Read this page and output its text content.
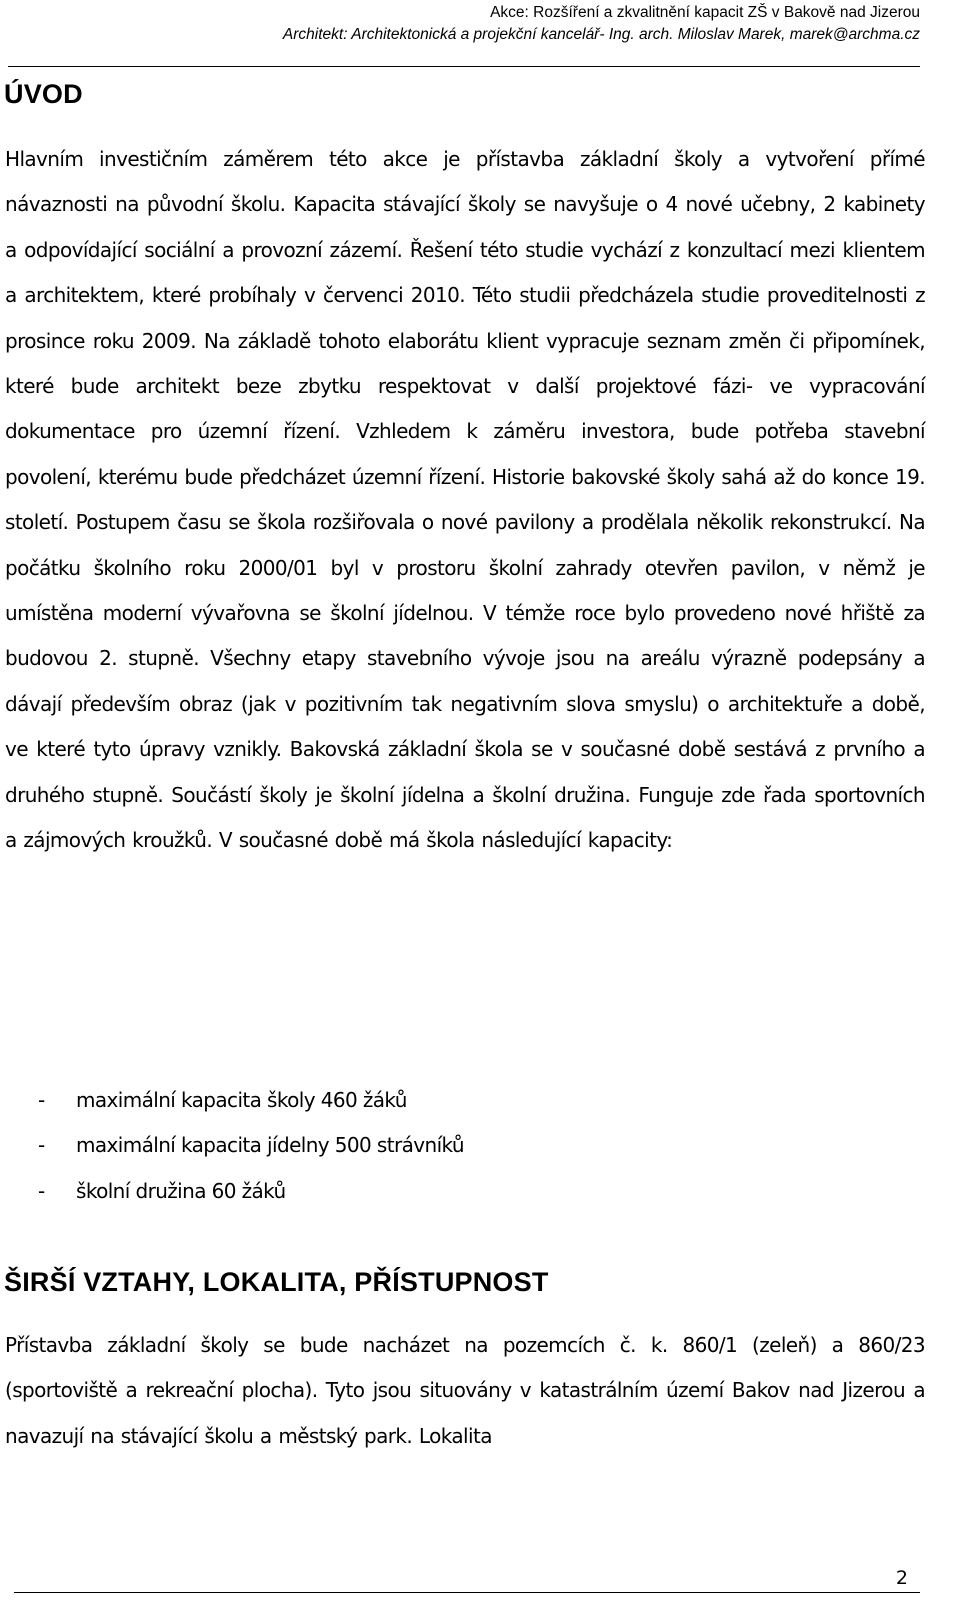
Akce: Rozšíření a zkvalitnění kapacit ZŠ v Bakově nad Jizerou
Architekt: Architektonická a projekční kancelář- Ing. arch. Miloslav Marek, marek@archma.cz
ÚVOD
Hlavním investičním záměrem této akce je přístavba základní školy a vytvoření přímé návaznosti na původní školu. Kapacita stávající školy se navyšuje o 4 nové učebny, 2 kabinety a odpovídající sociální a provozní zázemí. Řešení této studie vychází z konzultací mezi klientem a architektem, které probíhaly v červenci 2010. Této studii předcházela studie proveditelnosti z prosince roku 2009. Na základě tohoto elaborátu klient vypracuje seznam změn či připomínek, které bude architekt beze zbytku respektovat v další projektové fázi- ve vypracování dokumentace pro územní řízení. Vzhledem k záměru investora, bude potřeba stavební povolení, kterému bude předcházet územní řízení. Historie bakovské školy sahá až do konce 19. století. Postupem času se škola rozšiřovala o nové pavilony a prodělala několik rekonstrukcí. Na počátku školního roku 2000/01 byl v prostoru školní zahrady otevřen pavilon, v němž je umístěna moderní vývařovna se školní jídelnou. V témže roce bylo provedeno nové hřiště za budovou 2. stupně. Všechny etapy stavebního vývoje jsou na areálu výrazně podepsány a dávají především obraz (jak v pozitivním tak negativním slova smyslu) o architektuře a době, ve které tyto úpravy vznikly. Bakovská základní škola se v současné době sestává z prvního a druhého stupně. Součástí školy je školní jídelna a školní družina. Funguje zde řada sportovních a zájmových kroužků. V současné době má škola následující kapacity:
-	maximální kapacita školy 460 žáků
-	maximální kapacita jídelny 500 strávníků
-	školní družina 60 žáků
ŠIRŠÍ VZTAHY, LOKALITA, PŘÍSTUPNOST
Přístavba základní školy se bude nacházet na pozemcích č. k. 860/1 (zeleň) a 860/23 (sportoviště a rekreační plocha). Tyto jsou situovány v katastrálním území Bakov nad Jizerou a navazují na stávající školu a městský park. Lokalita
2
